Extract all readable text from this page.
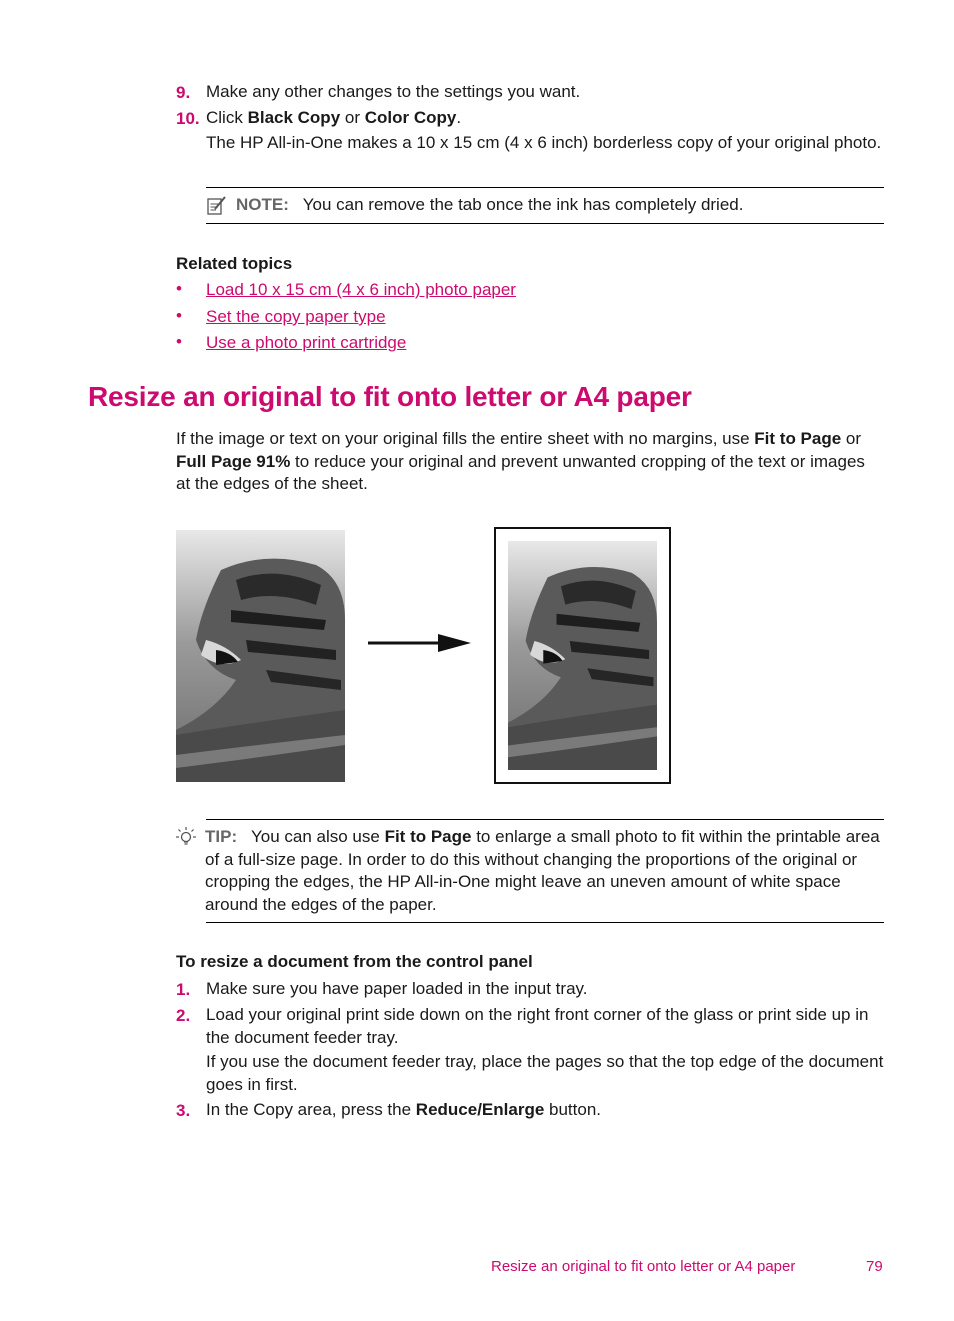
9. Make any other changes to the settings you want.
10. Click Black Copy or Color Copy.
The HP All-in-One makes a 10 x 15 cm (4 x 6 inch) borderless copy of your original photo.
NOTE: You can remove the tab once the ink has completely dried.
Related topics
• Load 10 x 15 cm (4 x 6 inch) photo paper
• Set the copy paper type
• Use a photo print cartridge
Resize an original to fit onto letter or A4 paper
If the image or text on your original fills the entire sheet with no margins, use Fit to Page or Full Page 91% to reduce your original and prevent unwanted cropping of the text or images at the edges of the sheet.
TIP: You can also use Fit to Page to enlarge a small photo to fit within the printable area of a full-size page. In order to do this without changing the proportions of the original or cropping the edges, the HP All-in-One might leave an uneven amount of white space around the edges of the paper.
To resize a document from the control panel
1. Make sure you have paper loaded in the input tray.
2. Load your original print side down on the right front corner of the glass or print side up in the document feeder tray.
If you use the document feeder tray, place the pages so that the top edge of the document goes in first.
3. In the Copy area, press the Reduce/Enlarge button.
Resize an original to fit onto letter or A4 paper	79
